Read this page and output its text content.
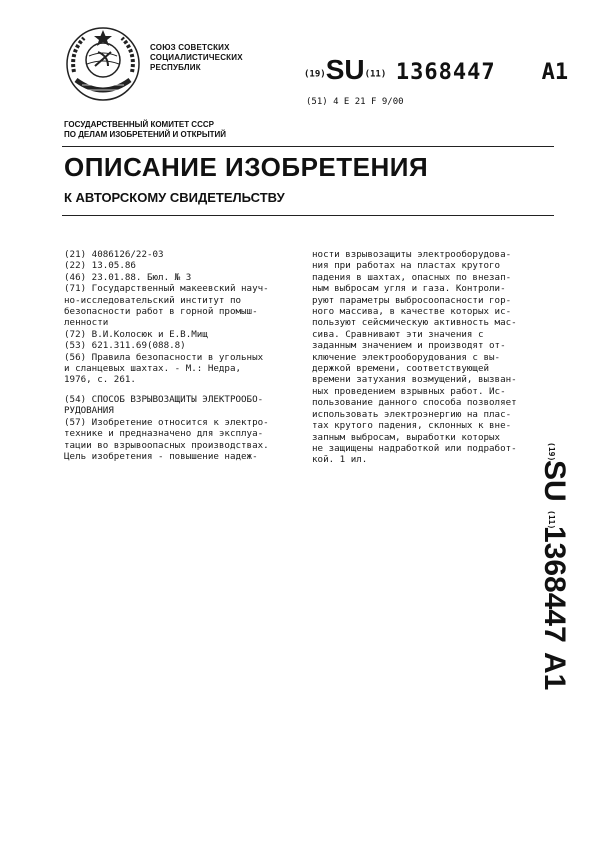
СОЮЗ СОВЕТСКИХ
СОЦИАЛИСТИЧЕСКИХ
РЕСПУБЛИК
(19)SU(11) 1368447 A1
(51) 4 E 21 F 9/00
ГОСУДАРСТВЕННЫЙ КОМИТЕТ СССР
ПО ДЕЛАМ ИЗОБРЕТЕНИЙ И ОТКРЫТИЙ
ОПИСАНИЕ ИЗОБРЕТЕНИЯ
К АВТОРСКОМУ СВИДЕТЕЛЬСТВУ
(21) 4086126/22-03
(22) 13.05.86
(46) 23.01.88. Бюл. № 3
(71) Государственный макеевский науч-
но-исследовательский институт по
безопасности работ в горной промыш-
ленности
(72) В.И.Колосюк и Е.В.Мищ
(53) 621.311.69(088.8)
(56) Правила безопасности в угольных
и сланцевых шахтах. - М.: Недра,
1976, с. 261.
(54) СПОСОБ ВЗРЫВОЗАЩИТЫ ЭЛЕКТРООБО-
РУДОВАНИЯ
(57) Изобретение относится к электро-
технике и предназначено для эксплуа-
тации во взрывоопасных производствах.
Цель изобретения - повышение надеж-
ности взрывозащиты электрооборудова-
ния при работах на пластах крутого
падения в шахтах, опасных по внезап-
ным выбросам угля и газа. Контроли-
руют параметры выбросоопасности гор-
ного массива, в качестве которых ис-
пользуют сейсмическую активность мас-
сива. Сравнивают эти значения с
заданным значением и производят от-
ключение электрооборудования с вы-
держкой времени, соответствующей
времени затухания возмущений, вызван-
ных проведением взрывных работ. Ис-
пользование данного способа позволяет
использовать электроэнергию на плас-
тах крутого падения, склонных к вне-
запным выбросам, выработки которых
не защищены надработкой или подработ-
кой. 1 ил.	(19)
SU
(11)
1368447
A1
